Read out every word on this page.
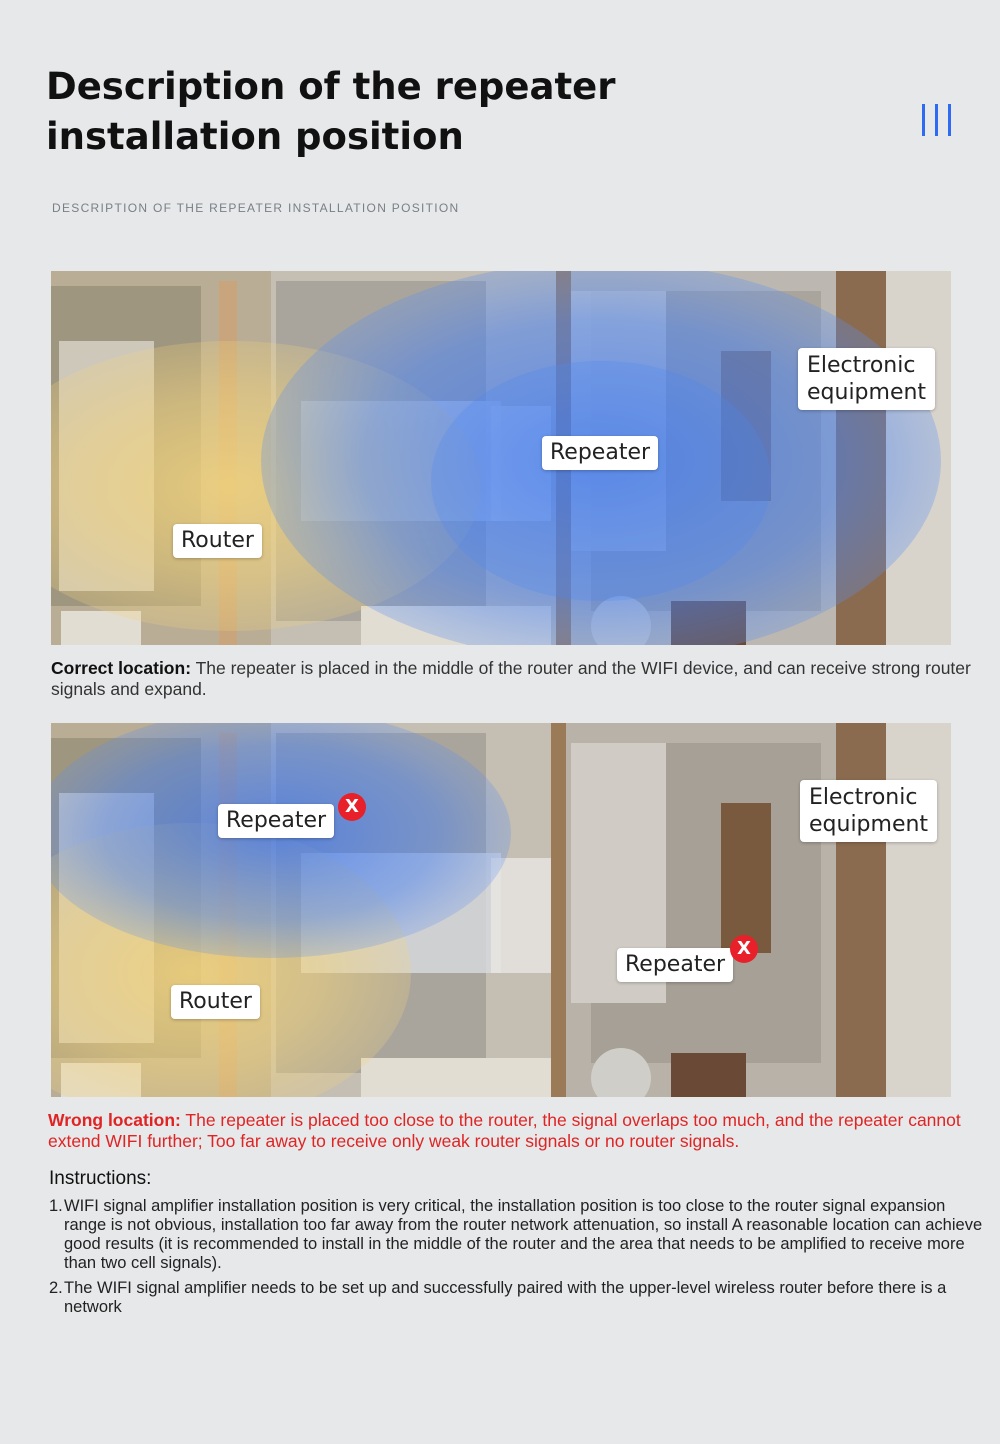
Description of the repeater
installation position
DESCRIPTION OF THE REPEATER INSTALLATION POSITION
Router
Repeater
Electronic
equipment
Correct location: The repeater is placed in the middle of the router and the WIFI device, and can receive strong router signals and expand.
Router
Repeater
X
Repeater
X
Electronic
equipment
Wrong location: The repeater is placed too close to the router, the signal overlaps too much, and the repeater cannot extend WIFI further; Too far away to receive only weak router signals or no router signals.
Instructions:
1. WIFI signal amplifier installation position is very critical, the installation position is too close to the router signal expansion range is not obvious, installation too far away from the router network attenuation, so install A reasonable location can achieve good results (it is recommended to install in the middle of the router and the area that needs to be amplified to receive more than two cell signals).
2. The WIFI signal amplifier needs to be set up and successfully paired with the upper-level wireless router before there is a network
